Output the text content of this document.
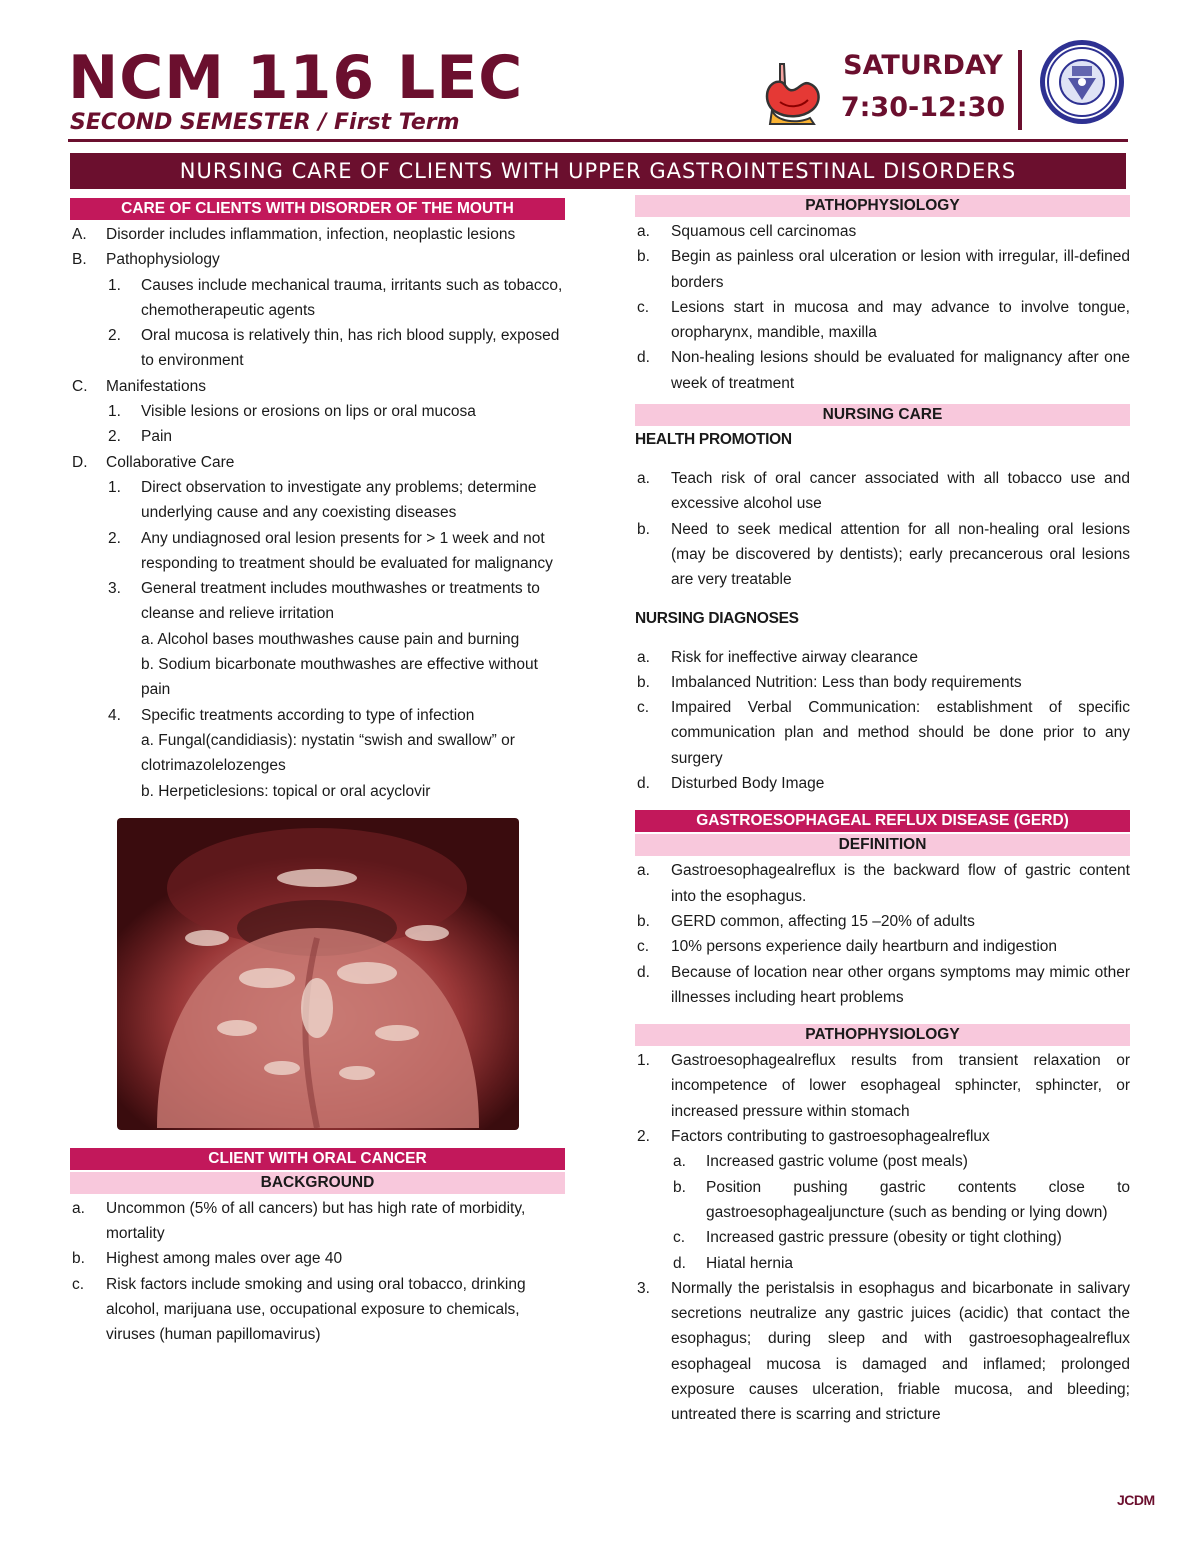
NCM 116 LEC
SECOND SEMESTER / First Term
SATURDAY
7:30-12:30
NURSING CARE OF CLIENTS WITH UPPER GASTROINTESTINAL DISORDERS
CARE OF CLIENTS WITH DISORDER OF THE MOUTH
A. Disorder includes inflammation, infection, neoplastic lesions
B. Pathophysiology
1. Causes include mechanical trauma, irritants such as tobacco, chemotherapeutic agents
2. Oral mucosa is relatively thin, has rich blood supply, exposed to environment
C. Manifestations
1. Visible lesions or erosions on lips or oral mucosa
2. Pain
D. Collaborative Care
1. Direct observation to investigate any problems; determine underlying cause and any coexisting diseases
2. Any undiagnosed oral lesion presents for > 1 week and not responding to treatment should be evaluated for malignancy
3. General treatment includes mouthwashes or treatments to cleanse and relieve irritation
a. Alcohol bases mouthwashes cause pain and burning
b. Sodium bicarbonate mouthwashes are effective without pain
4. Specific treatments according to type of infection
a. Fungal(candidiasis): nystatin “swish and swallow” or clotrimazolelozenges
b. Herpeticlesions: topical or oral acyclovir
CLIENT WITH ORAL CANCER
BACKGROUND
a. Uncommon (5% of all cancers) but has high rate of morbidity, mortality
b. Highest among males over age 40
c. Risk factors include smoking and using oral tobacco, drinking alcohol, marijuana use, occupational exposure to chemicals, viruses (human papillomavirus)
PATHOPHYSIOLOGY
a. Squamous cell carcinomas
b. Begin as painless oral ulceration or lesion with irregular, ill-defined borders
c. Lesions start in mucosa and may advance to involve tongue, oropharynx, mandible, maxilla
d. Non-healing lesions should be evaluated for malignancy after one week of treatment
NURSING CARE
HEALTH PROMOTION
a. Teach risk of oral cancer associated with all tobacco use and excessive alcohol use
b. Need to seek medical attention for all non-healing oral lesions (may be discovered by dentists); early precancerous oral lesions are very treatable
NURSING DIAGNOSES
a. Risk for ineffective airway clearance
b. Imbalanced Nutrition: Less than body requirements
c. Impaired Verbal Communication: establishment of specific communication plan and method should be done prior to any surgery
d. Disturbed Body Image
GASTROESOPHAGEAL REFLUX DISEASE (GERD)
DEFINITION
a. Gastroesophagealreflux is the backward flow of gastric content into the esophagus.
b. GERD common, affecting 15 –20% of adults
c. 10% persons experience daily heartburn and indigestion
d. Because of location near other organs symptoms may mimic other illnesses including heart problems
PATHOPHYSIOLOGY
1. Gastroesophagealreflux results from transient relaxation or incompetence of lower esophageal sphincter, sphincter, or increased pressure within stomach
2. Factors contributing to gastroesophagealreflux
a. Increased gastric volume (post meals)
b. Position pushing gastric contents close to gastroesophagealjuncture (such as bending or lying down)
c. Increased gastric pressure (obesity or tight clothing)
d. Hiatal hernia
3. Normally the peristalsis in esophagus and bicarbonate in salivary secretions neutralize any gastric juices (acidic) that contact the esophagus; during sleep and with gastroesophagealreflux esophageal mucosa is damaged and inflamed; prolonged exposure causes ulceration, friable mucosa, and bleeding; untreated there is scarring and stricture
JCDM
